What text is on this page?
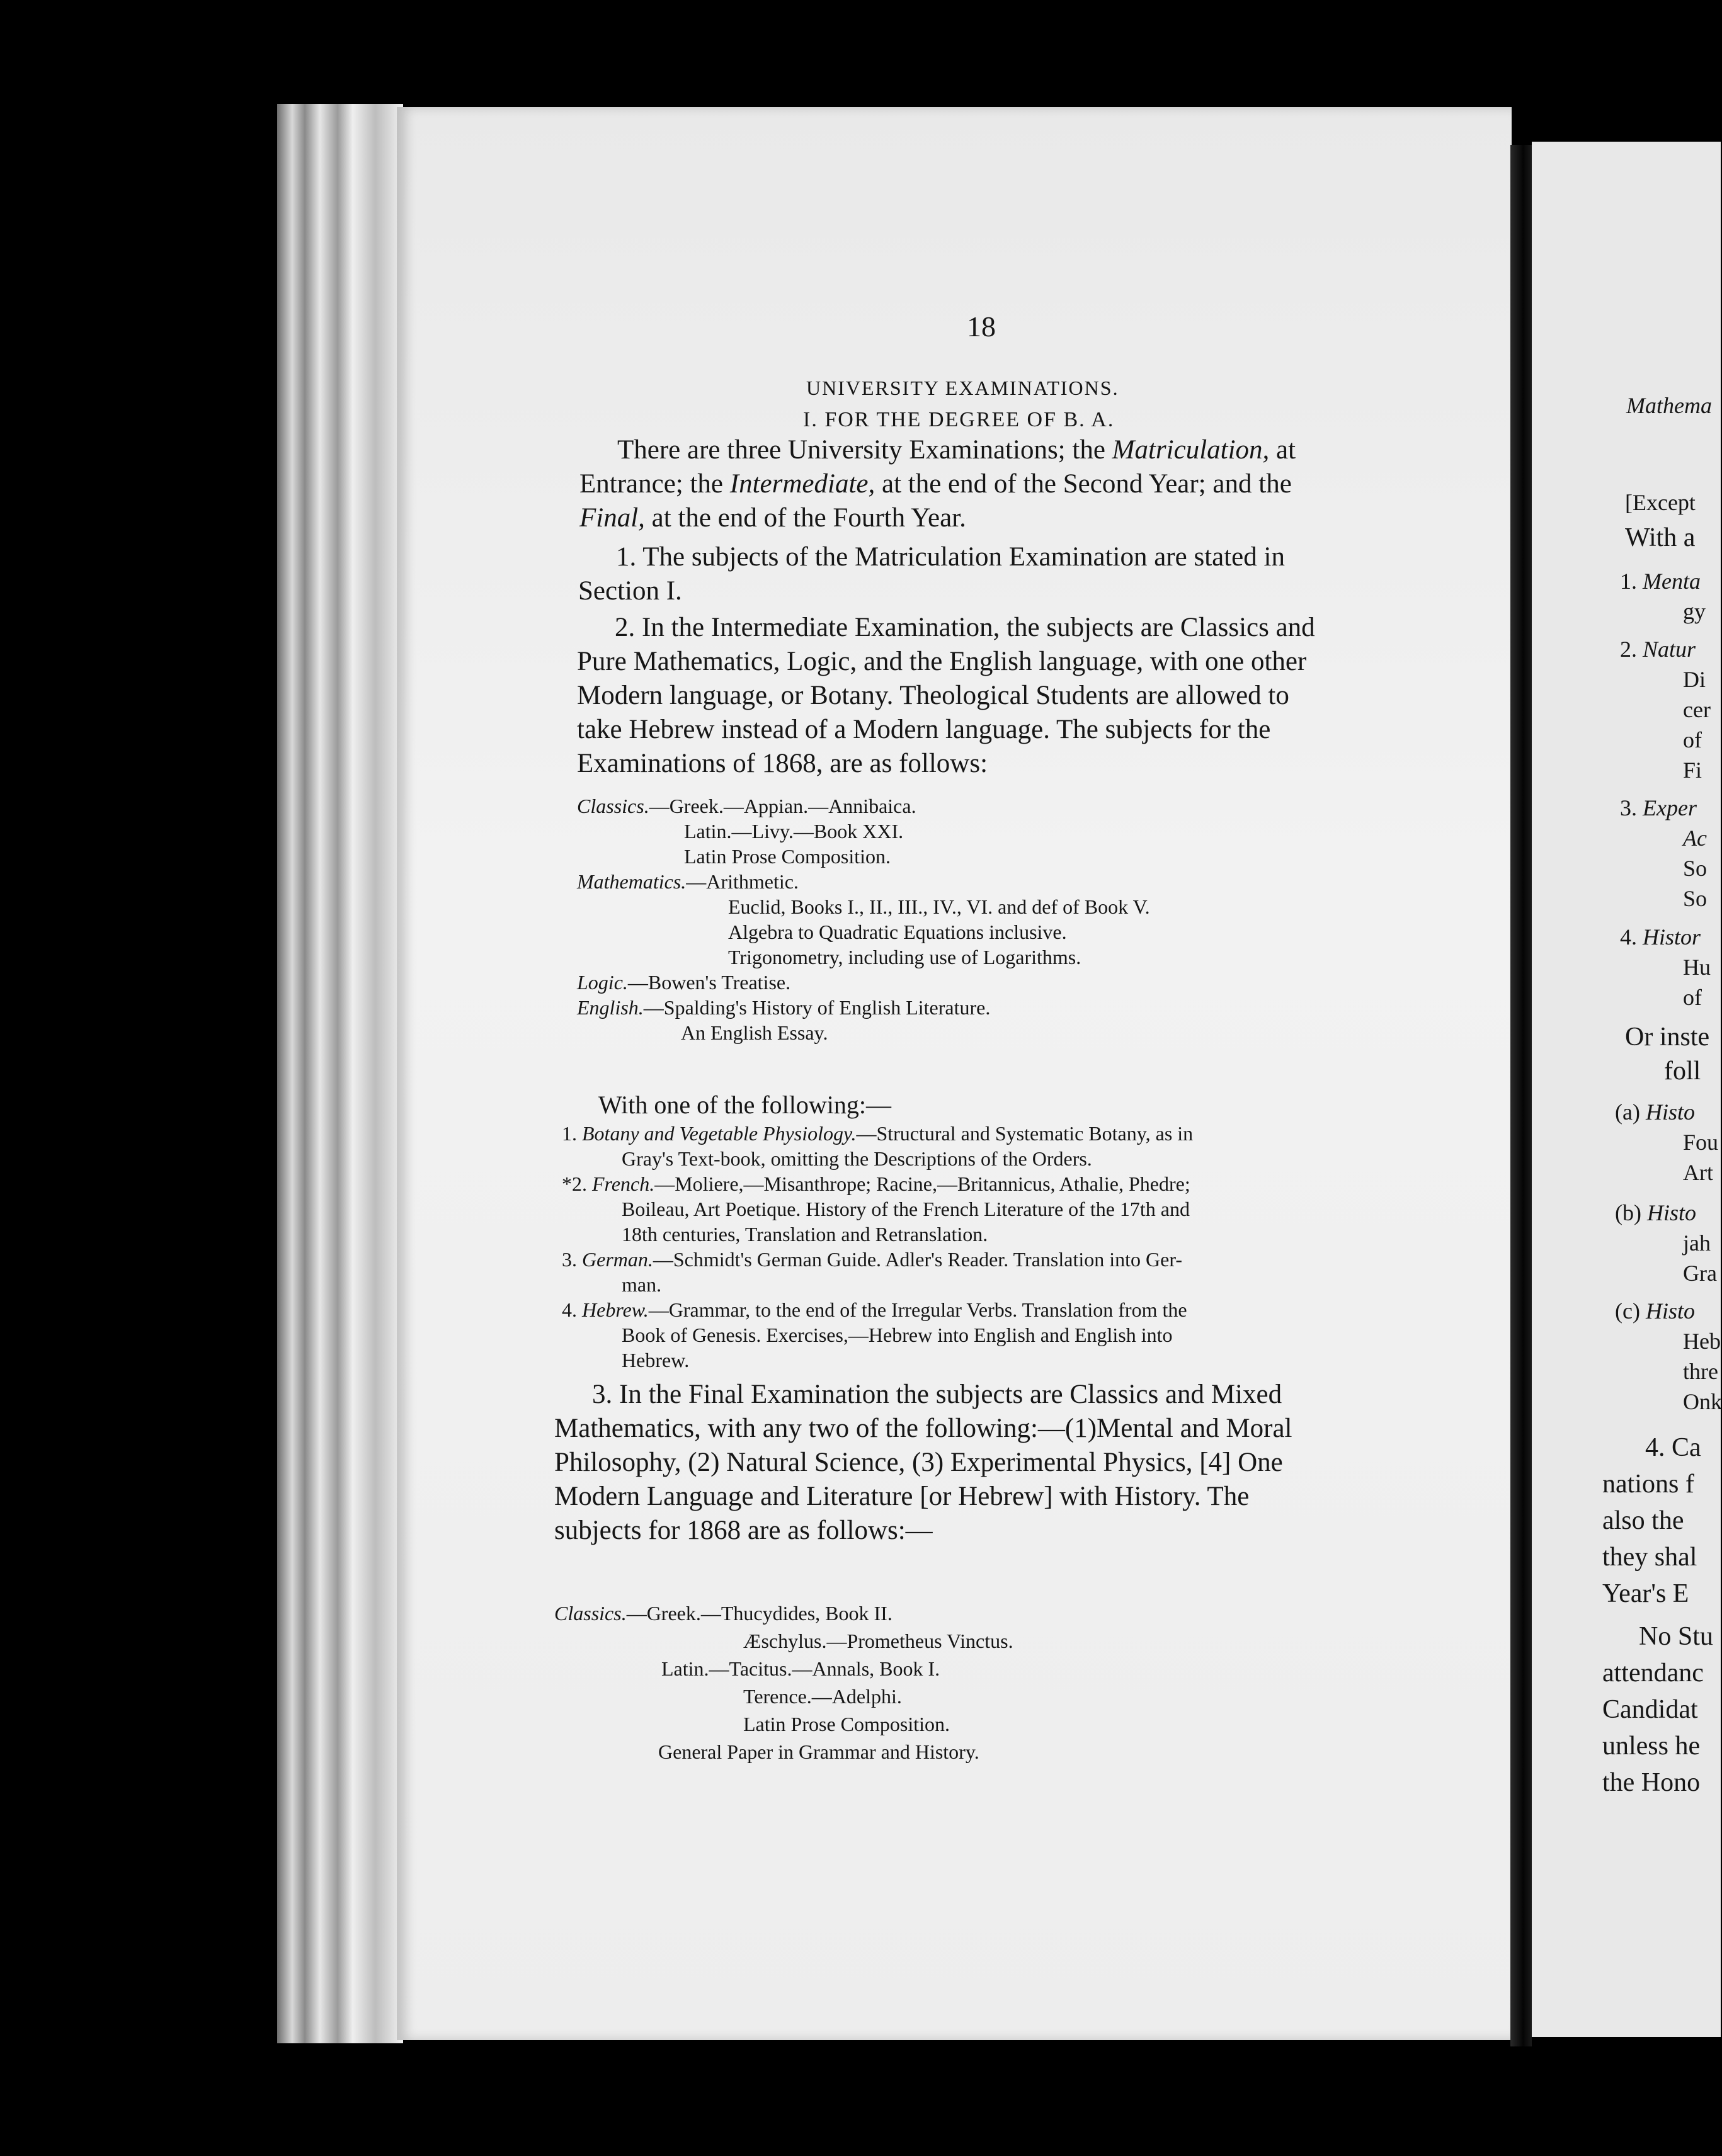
18
UNIVERSITY EXAMINATIONS.
I. FOR THE DEGREE OF B. A.
There are three University Examinations; the Matriculation, at
Entrance; the Intermediate, at the end of the Second Year; and the
Final, at the end of the Fourth Year.
1. The subjects of the Matriculation Examination are stated in
Section I.
2. In the Intermediate Examination, the subjects are Classics and
Pure Mathematics, Logic, and the English language, with one other
Modern language, or Botany. Theological Students are allowed to
take Hebrew instead of a Modern language. The subjects for the
Examinations of 1868, are as follows:
Classics.—Greek.—Appian.—Annibaica.
Latin.—Livy.—Book XXI.
Latin Prose Composition.
Mathematics.—Arithmetic.
Euclid, Books I., II., III., IV., VI. and def of Book V.
Algebra to Quadratic Equations inclusive.
Trigonometry, including use of Logarithms.
Logic.—Bowen's Treatise.
English.—Spalding's History of English Literature.
An English Essay.
With one of the following:—
1. Botany and Vegetable Physiology.—Structural and Systematic Botany, as in
Gray's Text-book, omitting the Descriptions of the Orders.
*2. French.—Moliere,—Misanthrope; Racine,—Britannicus, Athalie, Phedre;
Boileau, Art Poetique. History of the French Literature of the 17th and
18th centuries, Translation and Retranslation.
3. German.—Schmidt's German Guide. Adler's Reader. Translation into Ger-
man.
4. Hebrew.—Grammar, to the end of the Irregular Verbs. Translation from the
Book of Genesis. Exercises,—Hebrew into English and English into
Hebrew.
3. In the Final Examination the subjects are Classics and Mixed
Mathematics, with any two of the following:—(1)Mental and Moral
Philosophy, (2) Natural Science, (3) Experimental Physics, [4] One
Modern Language and Literature [or Hebrew] with History. The
subjects for 1868 are as follows:—
Classics.—Greek.—Thucydides, Book II.
Æschylus.—Prometheus Vinctus.
Latin.—Tacitus.—Annals, Book I.
Terence.—Adelphi.
Latin Prose Composition.
General Paper in Grammar and History.
Mathema
[Except
With a
1. Menta
gy
2. Natur
Di
cer
of
Fi
3. Exper
Ac
So
So
4. Histor
Hu
of
Or inste
foll
(a) Histo
Fou
Art
(b) Histo
jah
Gra
(c) Histo
Heb
thre
Onk
4. Ca
nations f
also the
they shal
Year's E
No Stu
attendanc
Candidat
unless he
the Hono
